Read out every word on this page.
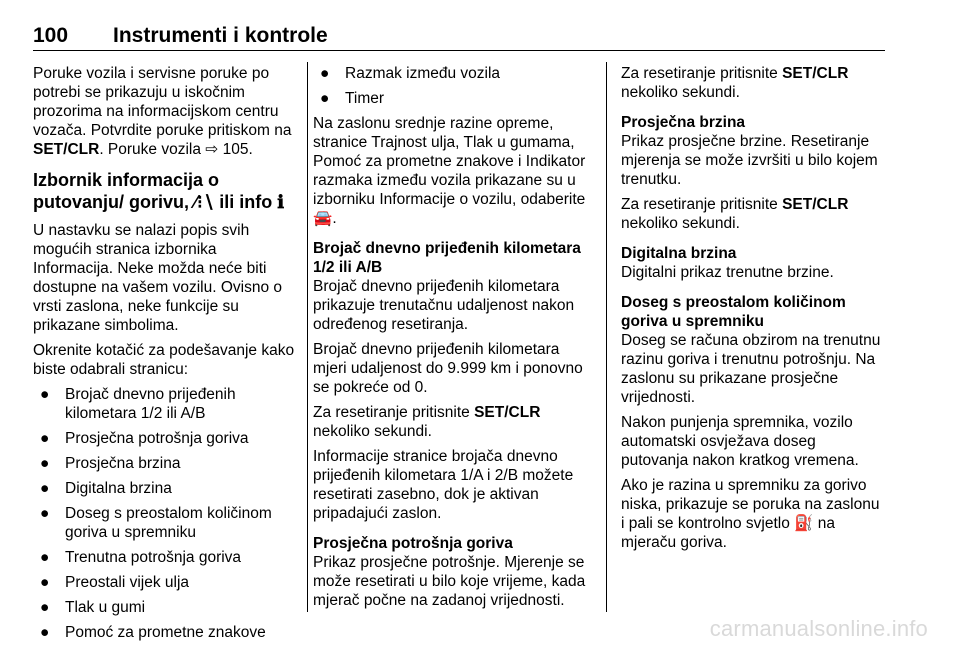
100 Instrumenti i kontrole

Poruke vozila i servisne poruke po potrebi se prikazuju u iskočnim prozorima na informacijskom centru vozača. Potvrdite poruke pritiskom na SET/CLR. Poruke vozila ⇨ 105.

Izbornik informacija o putovanju/ gorivu, ⁄⁝∖ ili info ℹ

U nastavku se nalazi popis svih mogućih stranica izbornika Informacija. Neke možda neće biti dostupne na vašem vozilu. Ovisno o vrsti zaslona, neke funkcije su prikazane simbolima.

Okrenite kotačić za podešavanje kako biste odabrali stranicu:

● Brojač dnevno prijeđenih kilometara 1/2 ili A/B
● Prosječna potrošnja goriva
● Prosječna brzina
● Digitalna brzina
● Doseg s preostalom količinom goriva u spremniku
● Trenutna potrošnja goriva
● Preostali vijek ulja
● Tlak u gumi
● Pomoć za prometne znakove
● Razmak između vozila
● Timer

Na zaslonu srednje razine opreme, stranice Trajnost ulja, Tlak u gumama, Pomoć za prometne znakove i Indikator razmaka između vozila prikazane su u izborniku Informacije o vozilu, odaberite 🚘.

Brojač dnevno prijeđenih kilometara 1/2 ili A/B

Brojač dnevno prijeđenih kilometara prikazuje trenutačnu udaljenost nakon određenog resetiranja.

Brojač dnevno prijeđenih kilometara mjeri udaljenost do 9.999 km i ponovno se pokreće od 0.

Za resetiranje pritisnite SET/CLR nekoliko sekundi.

Informacije stranice brojača dnevno prijeđenih kilometara 1/A i 2/B možete resetirati zasebno, dok je aktivan pripadajući zaslon.

Prosječna potrošnja goriva

Prikaz prosječne potrošnje. Mjerenje se može resetirati u bilo koje vrijeme, kada mjerač počne na zadanoj vrijednosti.

Za resetiranje pritisnite SET/CLR nekoliko sekundi.

Prosječna brzina

Prikaz prosječne brzine. Resetiranje mjerenja se može izvršiti u bilo kojem trenutku.

Za resetiranje pritisnite SET/CLR nekoliko sekundi.

Digitalna brzina

Digitalni prikaz trenutne brzine.

Doseg s preostalom količinom goriva u spremniku

Doseg se računa obzirom na trenutnu razinu goriva i trenutnu potrošnju. Na zaslonu su prikazane prosječne vrijednosti.

Nakon punjenja spremnika, vozilo automatski osvježava doseg putovanja nakon kratkog vremena.

Ako je razina u spremniku za gorivo niska, prikazuje se poruka na zaslonu i pali se kontrolno svjetlo ⛽ na mjeraču goriva.

carmanualsonline.info
